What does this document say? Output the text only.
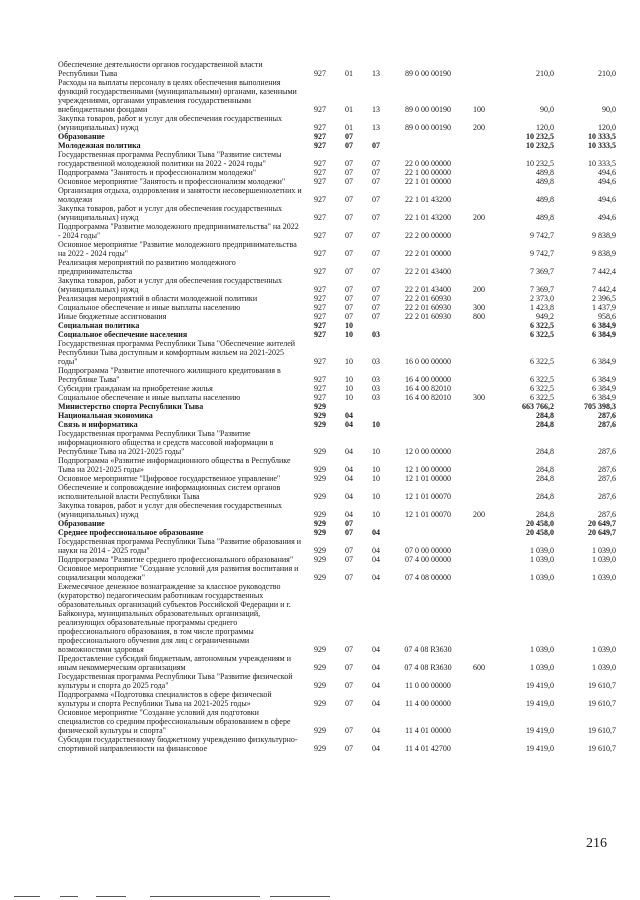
Обеспечение деятельности органов государственной власти Республики Тыва	927	01	13	89 0 00 00190		210,0	210,0
Расходы на выплаты персоналу в целях обеспечения выполнения функций государственными (муниципальными) органами, казенными учреждениями, органами управления государственными внебюджетными фондами	927	01	13	89 0 00 00190	100	90,0	90,0
Закупка товаров, работ и услуг для обеспечения государственных (муниципальных) нужд	927	01	13	89 0 00 00190	200	120,0	120,0
Образование	927	07				10 232,5	10 333,5
Молодежная политика	927	07	07			10 232,5	10 333,5
Государственная программа Республики Тыва "Развитие системы государственной молодежной политики на 2022 - 2024 годы"	927	07	07	22 0 00 00000		10 232,5	10 333,5
Подпрограмма "Занятость и профессионализм молодежи"	927	07	07	22 1 00 00000		489,8	494,6
Основное мероприятие "Занятость и профессионализм молодежи"	927	07	07	22 1 01 00000		489,8	494,6
Организация отдыха, оздоровления и занятости несовершеннолетних и молодежи	927	07	07	22 1 01 43200		489,8	494,6
Закупка товаров, работ и услуг для обеспечения государственных (муниципальных) нужд	927	07	07	22 1 01 43200	200	489,8	494,6
Подпрограмма "Развитие молодежного предпринимательства" на 2022 - 2024 годы"	927	07	07	22 2 00 00000		9 742,7	9 838,9
Основное мероприятие "Развитие молодежного предпринимательства на 2022 - 2024 годы"	927	07	07	22 2 01 00000		9 742,7	9 838,9
Реализация мероприятий по развитию молодежного предпринимательства	927	07	07	22 2 01 43400		7 369,7	7 442,4
Закупка товаров, работ и услуг для обеспечения государственных (муниципальных) нужд	927	07	07	22 2 01 43400	200	7 369,7	7 442,4
Реализация мероприятий в области молодежной политики	927	07	07	22 2 01 60930		2 373,0	2 396,5
Социальное обеспечение и иные выплаты населению	927	07	07	22 2 01 60930	300	1 423,8	1 437,9
Иные бюджетные ассигнования	927	07	07	22 2 01 60930	800	949,2	958,6
Социальная политика	927	10				6 322,5	6 384,9
Социальное обеспечение населения	927	10	03			6 322,5	6 384,9
Государственная программа Республики Тыва "Обеспечение жителей Республики Тыва доступным и комфортным жильем на 2021-2025 годы"	927	10	03	16 0 00 00000		6 322,5	6 384,9
Подпрограмма "Развитие ипотечного жилищного кредитования в Республике Тыва"	927	10	03	16 4 00 00000		6 322,5	6 384,9
Субсидии гражданам на приобретение жилья	927	10	03	16 4 00 82010		6 322,5	6 384,9
Социальное обеспечение и иные выплаты населению	927	10	03	16 4 00 82010	300	6 322,5	6 384,9
Министерство спорта Республики Тыва	929					663 766,2	705 398,3
Национальная экономика	929	04				284,8	287,6
Связь и информатика	929	04	10			284,8	287,6
Государственная программа Республики Тыва "Развитие информационного общества и средств массовой информации в Республике Тыва на 2021-2025 годы"	929	04	10	12 0 00 00000		284,8	287,6
Подпрограмма «Развитие информационного общества в Республике Тыва на 2021-2025 годы»	929	04	10	12 1 00 00000		284,8	287,6
Основное мероприятие "Цифровое государственное управление"	929	04	10	12 1 01 00000		284,8	287,6
Обеспечение и сопровождение информационных систем органов исполнительной власти Республики Тыва	929	04	10	12 1 01 00070		284,8	287,6
Закупка товаров, работ и услуг для обеспечения государственных (муниципальных) нужд	929	04	10	12 1 01 00070	200	284,8	287,6
Образование	929	07				20 458,0	20 649,7
Среднее профессиональное образование	929	07	04			20 458,0	20 649,7
Государственная программа Республики Тыва "Развитие образования и науки на 2014 - 2025 годы"	929	07	04	07 0 00 00000		1 039,0	1 039,0
Подпрограмма "Развитие среднего профессионального образования"	929	07	04	07 4 00 00000		1 039,0	1 039,0
Основное мероприятие "Создание условий для развития воспитания и социализации молодежи"	929	07	04	07 4 08 00000		1 039,0	1 039,0
Ежемесячное денежное вознаграждение за классное руководство (кураторство) педагогическим работникам государственных образовательных организаций субъектов Российской Федерации и г. Байконура, муниципальных образовательных организаций, реализующих образовательные программы среднего профессионального образования, в том числе программы профессионального обучения для лиц с ограниченными возможностями здоровья	929	07	04	07 4 08 R3630		1 039,0	1 039,0
Предоставление субсидий бюджетным, автономным учреждениям и иным некоммерческим организациям	929	07	04	07 4 08 R3630	600	1 039,0	1 039,0
Государственная программа Республики Тыва "Развитие физической культуры и спорта до 2025 года"	929	07	04	11 0 00 00000		19 419,0	19 610,7
Подпрограмма «Подготовка специалистов в сфере физической культуры и спорта Республики Тыва на 2021-2025 годы»	929	07	04	11 4 00 00000		19 419,0	19 610,7
Основное мероприятие "Создание условий для подготовки специалистов со средним профессиональным образованием в сфере физической культуры и спорта"	929	07	04	11 4 01 00000		19 419,0	19 610,7
Субсидии государственному бюджетному учреждению физкультурно-спортивной направленности на финансовое	929	07	04	11 4 01 42700		19 419,0	19 610,7
216
